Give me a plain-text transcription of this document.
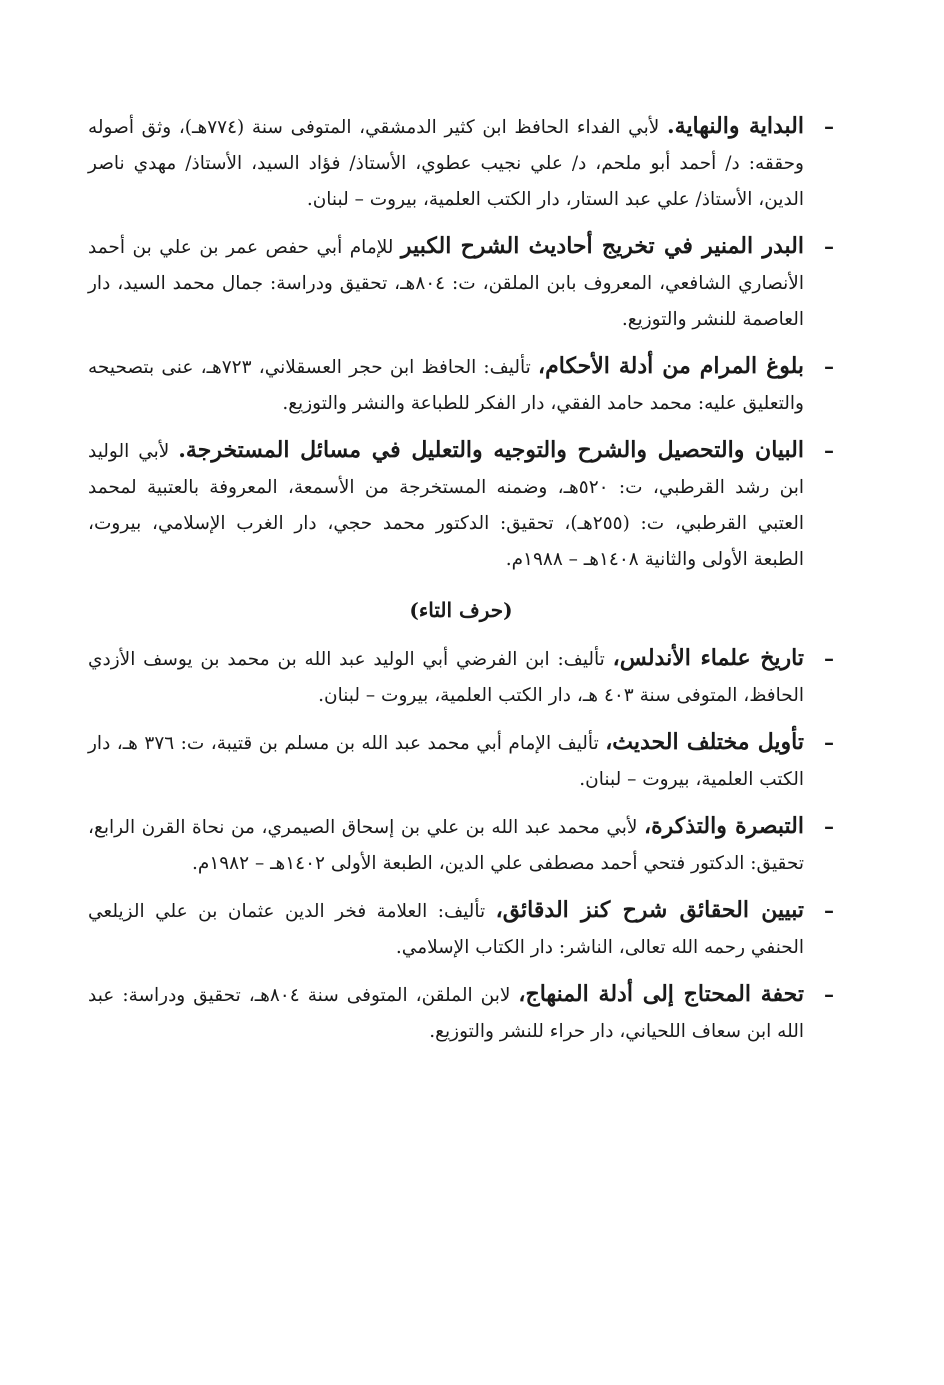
–
البداية والنهاية. لأبي الفداء الحافظ ابن كثير الدمشقي، المتوفى سنة (٧٧٤هـ)، وثق أصوله وحققه: د/ أحمد أبو ملحم، د/ علي نجيب عطوي، الأستاذ/ فؤاد السيد، الأستاذ/ مهدي ناصر الدين، الأستاذ/ علي عبد الستار، دار الكتب العلمية، بيروت – لبنان.
–
البدر المنير في تخريج أحاديث الشرح الكبير للإمام أبي حفص عمر بن علي بن أحمد الأنصاري الشافعي، المعروف بابن الملقن، ت: ٨٠٤هـ، تحقيق ودراسة: جمال محمد السيد، دار العاصمة للنشر والتوزيع.
–
بلوغ المرام من أدلة الأحكام، تأليف: الحافظ ابن حجر العسقلاني، ٧٢٣هـ، عنى بتصحيحه والتعليق عليه: محمد حامد الفقي، دار الفكر للطباعة والنشر والتوزيع.
–
البيان والتحصيل والشرح والتوجيه والتعليل في مسائل المستخرجة. لأبي الوليد ابن رشد القرطبي، ت: ٥٢٠هـ، وضمنه المستخرجة من الأسمعة، المعروفة بالعتبية لمحمد العتبي القرطبي، ت: (٢٥٥هـ)، تحقيق: الدكتور محمد حجي، دار الغرب الإسلامي، بيروت، الطبعة الأولى والثانية ١٤٠٨هـ – ١٩٨٨م.
(حرف التاء)
–
تاريخ علماء الأندلس، تأليف: ابن الفرضي أبي الوليد عبد الله بن محمد بن يوسف الأزدي الحافظ، المتوفى سنة ٤٠٣ هـ، دار الكتب العلمية، بيروت – لبنان.
–
تأويل مختلف الحديث، تأليف الإمام أبي محمد عبد الله بن مسلم بن قتيبة، ت: ٣٧٦ هـ، دار الكتب العلمية، بيروت – لبنان.
–
التبصرة والتذكرة، لأبي محمد عبد الله بن علي بن إسحاق الصيمري، من نحاة القرن الرابع، تحقيق: الدكتور فتحي أحمد مصطفى علي الدين، الطبعة الأولى ١٤٠٢هـ – ١٩٨٢م.
–
تبيين الحقائق شرح كنز الدقائق، تأليف: العلامة فخر الدين عثمان بن علي الزيلعي الحنفي رحمه الله تعالى، الناشر: دار الكتاب الإسلامي.
–
تحفة المحتاج إلى أدلة المنهاج، لابن الملقن، المتوفى سنة ٨٠٤هـ، تحقيق ودراسة: عبد الله ابن سعاف اللحياني، دار حراء للنشر والتوزيع.
